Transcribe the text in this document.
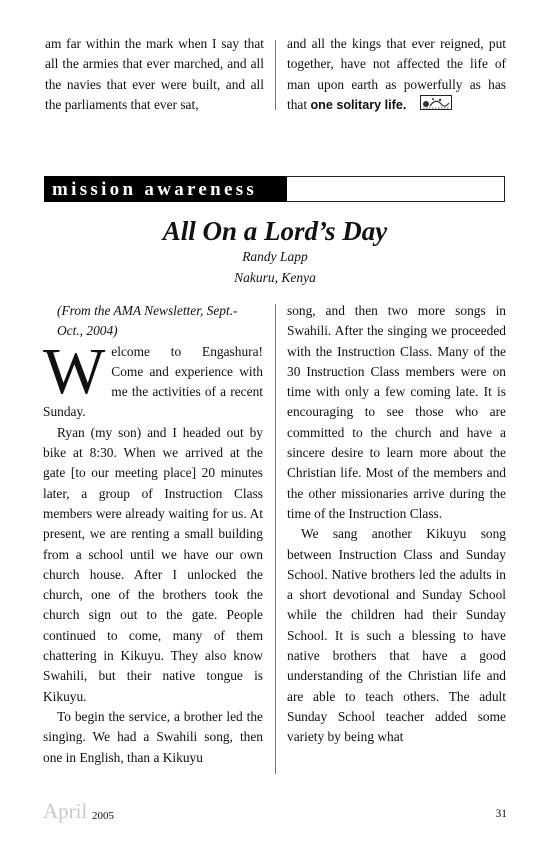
am far within the mark when I say that all the armies that ever marched, and all the navies that ever were built, and all the parliaments that ever sat,

and all the kings that ever reigned, put together, have not affected the life of man upon earth as powerfully as has that one solitary life.

mission awareness
All On a Lord’s Day
Randy Lapp
Nakuru, Kenya

(From the AMA Newsletter, Sept.-Oct., 2004)

W elcome to Engashura! Come and experience with me the activities of a recent Sunday.

Ryan (my son) and I headed out by bike at 8:30. When we arrived at the gate [to our meeting place] 20 minutes later, a group of Instruction Class members were already waiting for us. At present, we are renting a small building from a school until we have our own church house. After I unlocked the church, one of the brothers took the church sign out to the gate. People continued to come, many of them chattering in Kikuyu. They also know Swahili, but their native tongue is Kikuyu.

To begin the service, a brother led the singing. We had a Swahili song, then one in English, than a Kikuyu

song, and then two more songs in Swahili. After the singing we proceeded with the Instruction Class. Many of the 30 Instruction Class members were on time with only a few coming late. It is encouraging to see those who are committed to the church and have a sincere desire to learn more about the Christian life. Most of the members and the other missionaries arrive during the time of the Instruction Class.

We sang another Kikuyu song between Instruction Class and Sunday School. Native brothers led the adults in a short devotional and Sunday School while the children had their Sunday School. It is such a blessing to have native brothers that have a good understanding of the Christian life and are able to teach others. The adult Sunday School teacher added some variety by being what

April 2005	31
